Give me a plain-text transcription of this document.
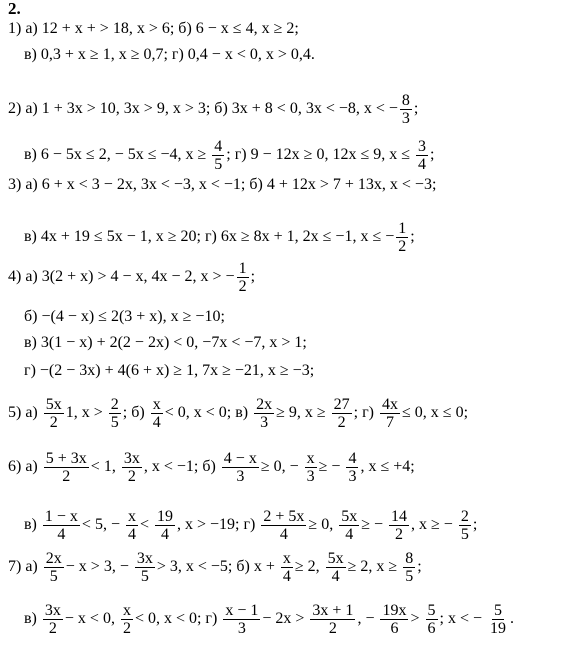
2.
1) а) 12 + x + > 18, x > 6; б) 6 − x ≤ 4, x ≥ 2;
в) 0,3 + x ≥ 1, x ≥ 0,7; г) 0,4 − x < 0, x > 0,4.
2) а) 1 + 3x > 10, 3x > 9, x > 3; б) 3x + 8 < 0, 3x < −8, x < − $\frac{8}{3}$ ;
в) 6 − 5x ≤ 2, − 5x ≤ −4, $x \ge \frac{4}{5}$ ; г) 9 − 12x ≥ 0, 12x ≤ 9, $x \le \frac{3}{4}$ ;
3) а) 6 + x < 3 − 2x, 3x < −3, x < −1; б) 4 + 12x > 7 + 13x, x < −3;
в) 4x + 19 ≤ 5x − 1, x ≥ 20; г) 6x ≥ 8x + 1, 2x ≤ −1, x ≤ − $\frac{1}{2}$ ;
4) а) 3(2 + x) > 4 − x, 4x − 2, x > − $\frac{1}{2}$ ;
б) −(4 − x) ≤ 2(3 + x), x ≥ −10;
в) 3(1 − x) + 2(2 − 2x) < 0, −7x < −7, x > 1;
г) −(2 − 3x) + 4(6 + x) ≥ 1, 7x ≥ −21, x ≥ −3;
5) $а) \frac{5x}{2} 1$, $x > \frac{2}{5}$ ; $б) \frac{x}{4} < 0$, x < 0; $в) \frac{2x}{3} \ge 9$, $x \ge \frac{27}{2}$ ; $г) \frac{4x}{7} \le 0$, x ≤ 0;
6) $а) \frac{5 + 3x}{2} < 1$, $\frac{3x}{2}$ , x < −1; $б) \frac{4 - x}{3} \ge 0$, − $\frac{x}{3}$ ≥ − $\frac{4}{3}$ , x ≤ +4;
$в) \frac{1 - x}{4} < 5$, − $\frac{x}{4} < \frac{19}{4}$ , x > −19; $г) \frac{2 + 5x}{4} \ge 0$, $\frac{5x}{4}$ ≥ − $\frac{14}{2}$ , x ≥ − $\frac{2}{5}$ ;
7) $а) \frac{2x}{5} - x > 3$, − $\frac{3x}{5} > 3$, x < −5; б) $x + \frac{x}{4} \ge 2$, $\frac{5x}{4} \ge 2$, $x \ge \frac{8}{5}$ ;
$в) \frac{3x}{2} - x < 0$, $\frac{x}{2} < 0$, x < 0; $г) \frac{x - 1}{3} - 2x > \frac{3x + 1}{2}$ , − $\frac{19x}{6} > \frac{5}{6}$ ; x < − $\frac{5}{19}$ .
